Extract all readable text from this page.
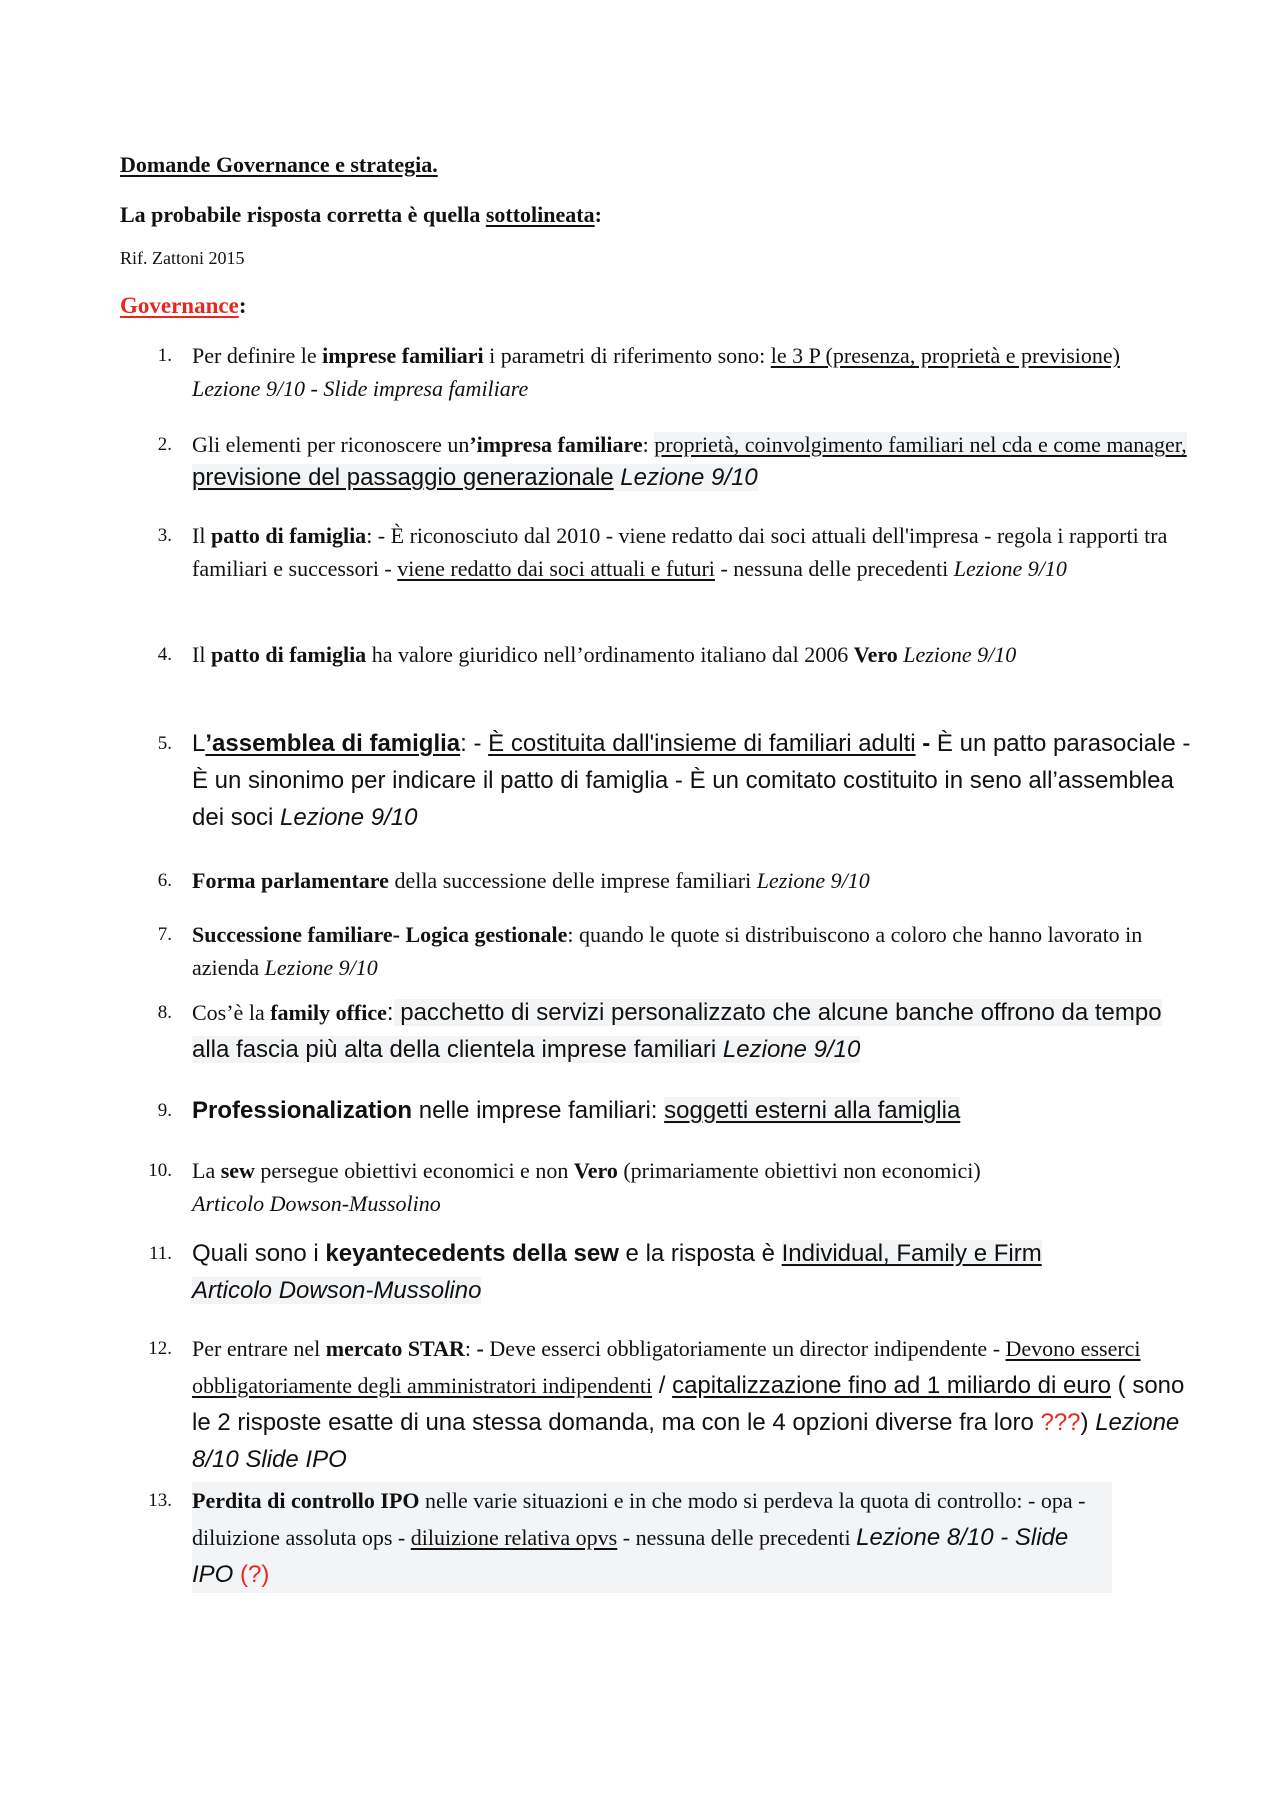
Domande Governance e strategia.
La probabile risposta corretta è quella sottolineata:
Rif. Zattoni 2015
Governance:
1. Per definire le imprese familiari i parametri di riferimento sono: le 3 P (presenza, proprietà e previsione) Lezione 9/10 - Slide impresa familiare
2. Gli elementi per riconoscere un’impresa familiare: proprietà, coinvolgimento familiari nel cda e come manager, previsione del passaggio generazionale Lezione 9/10
3. Il patto di famiglia: - È riconosciuto dal 2010 - viene redatto dai soci attuali dell'impresa - regola i rapporti tra familiari e successori - viene redatto dai soci attuali e futuri - nessuna delle precedenti Lezione 9/10
4. Il patto di famiglia ha valore giuridico nell’ordinamento italiano dal 2006 Vero Lezione 9/10
5. L’assemblea di famiglia: - È costituita dall'insieme di familiari adulti - È un patto parasociale - È un sinonimo per indicare il patto di famiglia - È un comitato costituito in seno all’assemblea dei soci Lezione 9/10
6. Forma parlamentare della successione delle imprese familiari Lezione 9/10
7. Successione familiare- Logica gestionale: quando le quote si distribuiscono a coloro che hanno lavorato in azienda Lezione 9/10
8. Cos’è la family office: pacchetto di servizi personalizzato che alcune banche offrono da tempo alla fascia più alta della clientela imprese familiari Lezione 9/10
9. Professionalization nelle imprese familiari: soggetti esterni alla famiglia
10. La sew persegue obiettivi economici e non Vero (primariamente obiettivi non economici)
Articolo Dowson-Mussolino
11. Quali sono i keyantecedents della sew e la risposta è Individual, Family e Firm
Articolo Dowson-Mussolino
12. Per entrare nel mercato STAR: - Deve esserci obbligatoriamente un director indipendente - Devono esserci obbligatoriamente degli amministratori indipendenti / capitalizzazione fino ad 1 miliardo di euro ( sono le 2 risposte esatte di una stessa domanda, ma con le 4 opzioni diverse fra loro ???) Lezione 8/10 Slide IPO
13. Perdita di controllo IPO nelle varie situazioni e in che modo si perdeva la quota di controllo: - opa - diluizione assoluta ops - diluizione relativa opvs - nessuna delle precedenti Lezione 8/10 - Slide IPO (?)
